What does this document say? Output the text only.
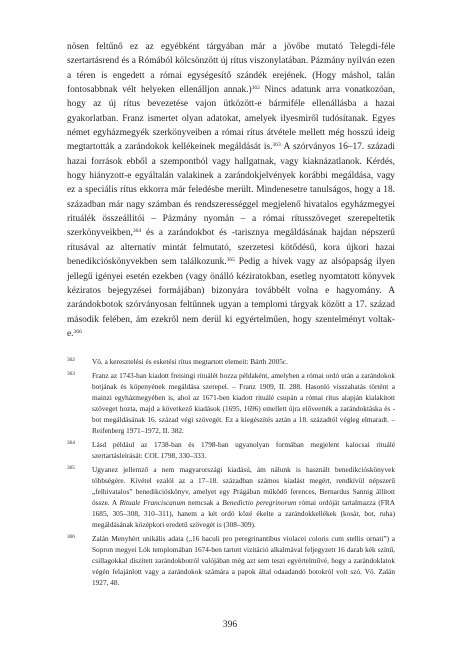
nösen feltűnő ez az egyébként tárgyában már a jövőbe mutató Telegdi-féle szertartásrend és a Rómából kölcsönzött új rítus viszonylatában. Pázmány nyilván ezen a téren is engedett a római egységesítő szándék erejének. (Hogy máshol, talán fontosabbnak vélt helyeken ellenálljon annak.)$^{362}$ Nincs adatunk arra vonatkozóan, hogy az új rítus bevezetése vajon ütközött-e bármiféle ellenállásba a hazai gyakorlatban. Franz ismertet olyan adatokat, amelyek ilyesmiről tudósítanak. Egyes német egyházmegyék szerkönyveiben a római rítus átvétele mellett még hosszú ideig megtartották a zarándokok kellékeinek megáldását is.$^{363}$ A szórványos 16–17. századi hazai források ebből a szempontból vagy hallgatnak, vagy kiaknázatlanok. Kérdés, hogy hiányzott-e egyáltalán valakinek a zarándokjelvények korábbi megáldása, vagy ez a speciális rítus ekkorra már feledésbe merült. Mindenesetre tanulságos, hogy a 18. században már nagy számban és rendszerességgel megjelenő hivatalos egyházmegyei rituálék összeállítói – Pázmány nyomán – a római rítusszöveget szerepeltetik szerkönyveikben,$^{364}$ és a zarándokbot és -tarisznya megáldásának hajdan népszerű rítusával az alternatív mintát felmutató, szerzetesi kötődésű, kora újkori hazai benedikcióskönyvekben sem találkozunk.$^{365}$ Pedig a hívek vagy az alsópapság ilyen jellegű igényei esetén ezekben (vagy önálló kéziratokban, esetleg nyomtatott könyvek kéziratos bejegyzései formájában) bizonyára továbbélt volna e hagyomány. A zarándokbotok szórványosan feltűnnek ugyan a templomi tárgyak között a 17. század második felében, ám ezekről nem derül ki egyértelműen, hogy szentelményt voltak-e.$^{366}$

362 Vö. a keresztelési és esketési rítus megtartott elemeit: Bárth 2005c.

363 Franz az 1743-ban kiadott freisingi rituálét hozza példaként, amelyben a római ordó után a zarándokok botjának és köpenyének megáldása szerepel. – Franz 1909, II. 288. Hasonló visszahatás történt a mainzi egyházmegyében is, ahol az 1671-ben kiadott rituálé csupán a római rítus alapján kialakított szöveget hozta, majd a következő kiadások (1695, 1696) emellett újra előveették a zarándoktáska és -bot megáldásának 16. század végi szövegét. Ez a kiegészítés aztán a 18. századtól végleg elmaradt. – Reifenberg 1971–1972, II. 382.

364 Lásd például az 1738-ban és 1798-ban ugyanolyan formában megjelent kalocsai rituálé szertartásleírását: COL 1798, 330–333.

365 Ugyanez jellemző a nem magyarországi kiadású, ám nálunk is használt benedikcióskönyvek többségére. Kivétel ezalól az a 17–18. században számos kiadást megért, rendkívül népszerű „felhivatalos” benedikcióskönyv, amelyet egy Prágában működő ferences, Bernardus Sannig állított össze. A Rituale Franciscanum nemcsak a Benedictio peregrinorum római ordóját tartalmazza (FRA 1685, 305–308, 310–311), hanem a két ordó közé ékelte a zarándokkellékek (kosár, bot, ruha) megáldásának középkori eredetű szövegét is (308–309).

366 Zalán Menyhért unikális adata („16 baculi pro peregrinantibus violacei coloris cum stellis ornati”) a Sopron megyei Lók templomában 1674-ben tartott vizitáció alkalmával feljegyzett 16 darab kék színű, csillagokkal díszített zarándokbotról valójában még azt sem teszi egyértelművé, hogy a zarándoklatok végén felajánlott vagy a zarándokok számára a papok által odaadandó botokról volt szó. Vö. Zalán 1927, 48.

396
